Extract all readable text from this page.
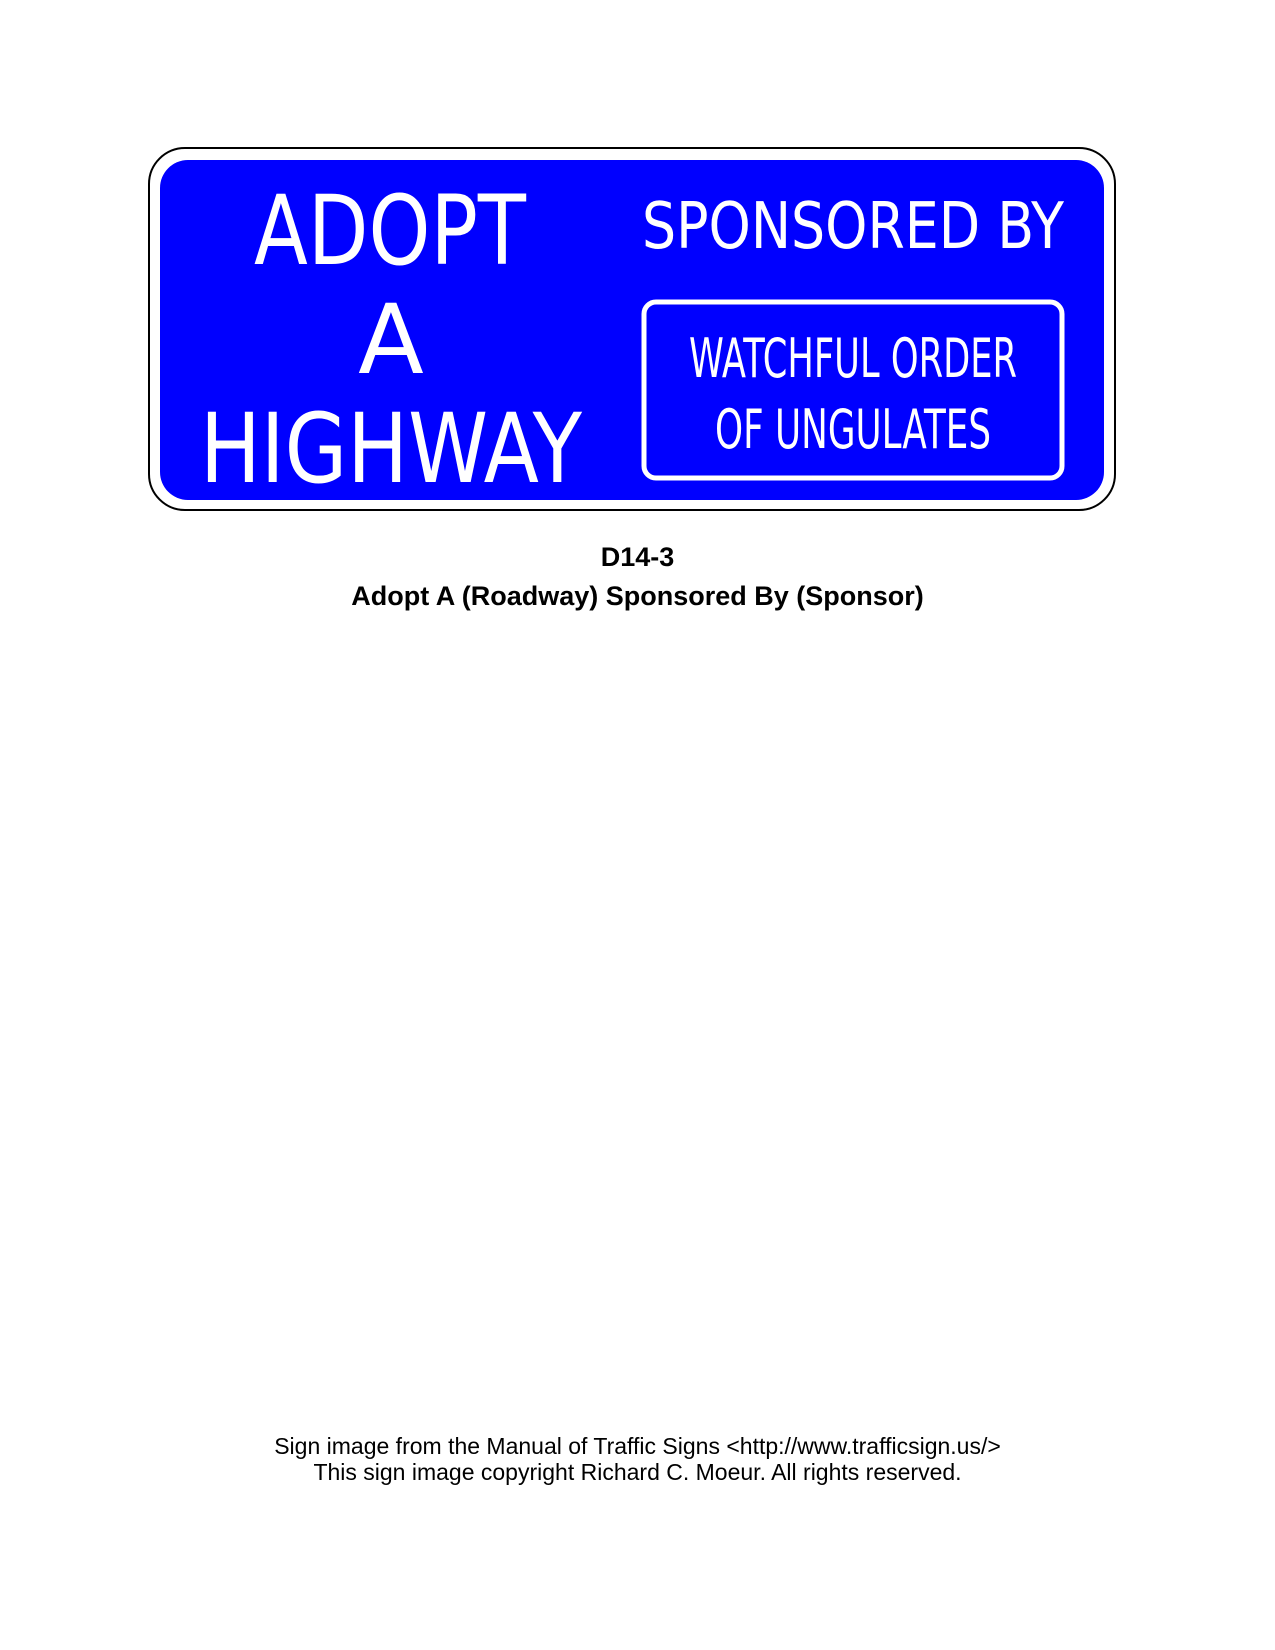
ADOPT
A
HIGHWAY
SPONSORED BY
WATCHFUL ORDER
OF UNGULATES
D14-3
Adopt A (Roadway) Sponsored By (Sponsor)
Sign image from the Manual of Traffic Signs <http://www.trafficsign.us/>
This sign image copyright Richard C. Moeur. All rights reserved.
